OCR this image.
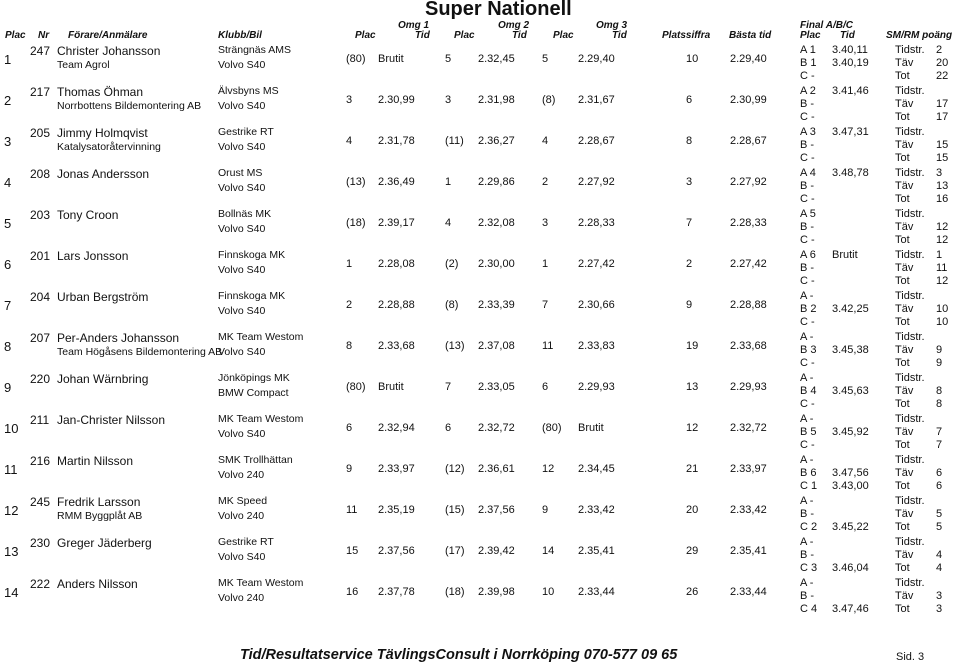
Super Nationell
Plac Nr Förare/Anmälare	Klubb/Bil
Omg 1	Omg 2	Omg 3
Plac	Tid Plac	Tid	Plac	Tid	Platssiffra Bästa tid
Final A/B/C
Plac Tid	SM/RM poäng
1
247 Christer Johansson
Team Agrol
Strängnäs AMS
Volvo S40	(80) Brutit	5 2.32,45 5	2.29,40	10	2.29,40
A 1 3.40,11 Tidstr. 2
B 1 3.40,19 Täv 20
C -	Tot 22
2
217 Thomas Öhman
Norrbottens Bildemontering AB
Älvsbyns MS
Volvo S40	3 2.30,99	3 2.31,98 (8) 2.31,67	6	2.30,99
A 2 3.41,46 Tidstr.
B -	Täv 17
C -	Tot 17
3
205 Jimmy Holmqvist
Katalysatoråtervinning
Gestrike RT
Volvo S40	4 2.31,78	(11) 2.36,27 4	2.28,67	8	2.28,67
A 3 3.47,31 Tidstr.
B -	Täv 15
C -	Tot 15
4
208 Jonas Andersson	Orust MS
Volvo S40	(13) 2.36,49	1 2.29,86 2	2.27,92	3	2.27,92
A 4 3.48,78 Tidstr. 3
B -	Täv 13
C -	Tot 16
5
203 Tony Croon	Bollnäs MK
Volvo S40	(18) 2.39,17	4 2.32,08 3	2.28,33	7	2.28,33
A 5	Tidstr.
B -	Täv 12
C -	Tot 12
6
201 Lars Jonsson	Finnskoga MK
Volvo S40	1 2.28,08	(2) 2.30,00 1	2.27,42	2	2.27,42
A 6 Brutit	Tidstr. 1
B -	Täv 11
C -	Tot 12
7
204 Urban Bergström	Finnskoga MK
Volvo S40	2 2.28,88	(8) 2.33,39 7	2.30,66	9	2.28,88
A -	Tidstr.
B 2 3.42,25 Täv 10
C -	Tot 10
8
207 Per-Anders Johansson
Team Högåsens Bildemontering AB
MK Team Westom
Volvo S40	8 2.33,68	(13) 2.37,08 11 2.33,83	19	2.33,68
A -	Tidstr.
B 3 3.45,38 Täv 9
C -	Tot 9
9
220 Johan Wärnbring	Jönköpings MK
BMW Compact	(80) Brutit	7 2.33,05 6	2.29,93	13	2.29,93
A -	Tidstr.
B 4 3.45,63 Täv 8
C -	Tot 8
10
211 Jan-Christer Nilsson	MK Team Westom
Volvo S40	6 2.32,94	6 2.32,72 (80) Brutit	12	2.32,72
A -	Tidstr.
B 5 3.45,92 Täv 7
C -	Tot 7
11
216 Martin Nilsson	SMK Trollhättan
Volvo 240	9 2.33,97	(12) 2.36,61 12 2.34,45	21	2.33,97
A -	Tidstr.
B 6 3.47,56 Täv 6
C 1 3.43,00 Tot 6
12
245 Fredrik Larsson
RMM Byggplåt AB
MK Speed
Volvo 240	11 2.35,19	(15) 2.37,56 9	2.33,42	20	2.33,42
A -	Tidstr.
B -	Täv 5
C 2 3.45,22 Tot 5
13
230 Greger Jäderberg	Gestrike RT
Volvo S40	15 2.37,56	(17) 2.39,42 14 2.35,41	29	2.35,41
A -	Tidstr.
B -	Täv 4
C 3 3.46,04 Tot 4
14
222 Anders Nilsson	MK Team Westom
Volvo 240	16 2.37,78	(18) 2.39,98 10 2.33,44	26	2.33,44
A -	Tidstr.
B -	Täv 3
C 4 3.47,46 Tot 3
Tid/Resultatservice TävlingsConsult i Norrköping 070-577 09 65	Sid. 3
